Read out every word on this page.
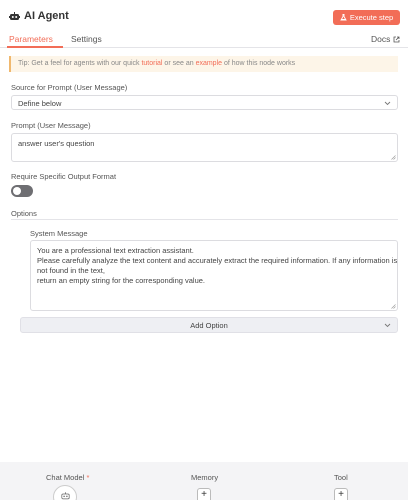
AI Agent	Execute step
Parameters Settings	Docs
Tip: Get a feel for agents with our quick tutorial or see an example of how this node works
Source for Prompt (User Message)
Define below
Prompt (User Message)
answer user's question
Require Specific Output Format
Options
System Message
You are a professional text extraction assistant.
Please carefully analyze the text content and accurately extract the required information. If any information is
not found in the text,
return an empty string for the corresponding value.
Add Option
Chat Model *	Memory	Tool
+	+
